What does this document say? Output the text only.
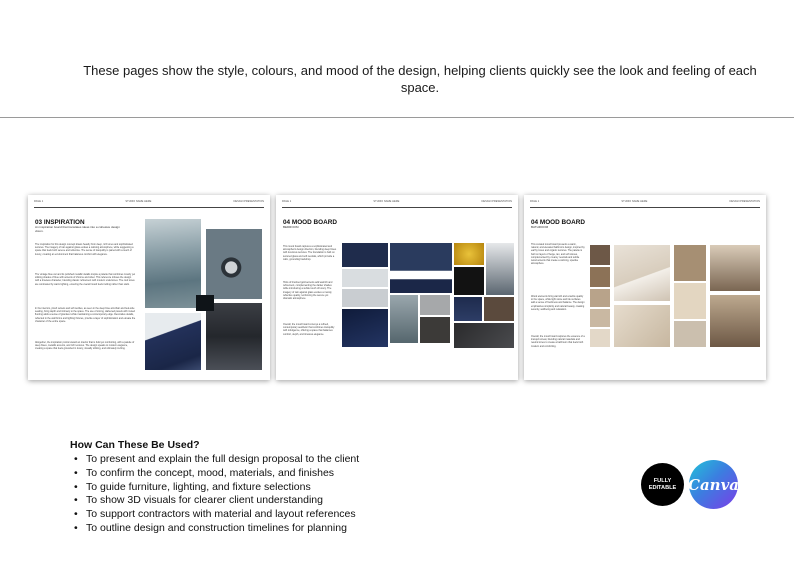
These pages show the style, colours, and mood of the design, helping clients quickly see the look and feeling of each space.
PAGE 1	STUDIO NAME HERE	DESIGN PRESENTATION
03 INSPIRATION
An inspiration board that translates ideas into a cohesive design vision.
The inspiration for this design concept draws heavily from deep, rich tones and sophisticated textures. The imagery of rain against glass evokes a calming atmosphere, while suggesting a space that feels both serene and reflective. The sense of tranquility is paired with a touch of luxury, creating an environment that balances comfort with elegance.
The vintage blue car and its polished metallic details inspire a palette that combines moody yet striking shades of blue with accents of chrome and silver. This reference infuses the design with a timeless character, blending classic refinement with modern undertones. The cool tones are contrasted by warm lighting, ensuring the overall mood feels inviting rather than stark.
In the interiors, plush velvets and soft textiles, as seen in the deep blue armchair and bed-side seating, bring depth and intimacy to the space. The use of strong, darkened panels with muted flooring adds a sense of grandeur while maintaining a contemporary edge. Decorative details, reflected in the wall forms and lighting fixtures, provide a layer of sophistication and elevate the character of the entire space.
Altogether, the inspiration points toward an interior that is bold yet comforting, with a palette of deep blues, metallic accents, and rich textures. The design speaks to modern elegance, creating a space that feels grounded in luxury, visually striking, and ultimately inviting.
PAGE 1	STUDIO NAME HERE	DESIGN PRESENTATION
04 MOOD BOARD
BEDROOM
This mood board captures a sophisticated and atmospheric design direction, blending deep blues with luxurious textures. The foundation is built on textured glass and soft neutrals, which provide a calm, grounding backdrop.
Hints of brushed gold accents add warmth and refinement, complementing the darker shades while introducing a subtle touch of luxury. The imagery of rain against glass evokes a moody, reflective quality, reinforcing the serene yet dramatic atmosphere.
Overall, the mood board conveys a refined, contemporary aesthetic that combines tranquility with indulgence, offering a space that balances comfort, depth, and timeless elegance.
PAGE 1	STUDIO NAME HERE	DESIGN PRESENTATION
04 MOOD BOARD
BATHROOM
This curated mood board presents a warm, natural, and elevated bathroom design, inspired by earthy tones and organic textures. The palette is built on layers of beige, tan, and soft stones, complemented by creamy neutrals and subtle wood accents that create a calming, spa-like atmosphere.
Wood elements bring warmth and a tactile quality to the space, while light stone and tile surfaces add a sense of freshness and balance. The design emphasizes simplicity and natural beauty, creating serenity, wellbeing and relaxation.
Overall, the mood board captures the essence of a tranquil retreat, blending natural materials and neutral tones to create a bathroom that feels both modern and comforting.
How Can These Be Used?
• To present and explain the full design proposal to the client
• To confirm the concept, mood, materials, and finishes
• To guide furniture, lighting, and fixture selections
• To show 3D visuals for clearer client understanding
• To support contractors with material and layout references
• To outline design and construction timelines for planning
FULLY
EDITABLE Canva
